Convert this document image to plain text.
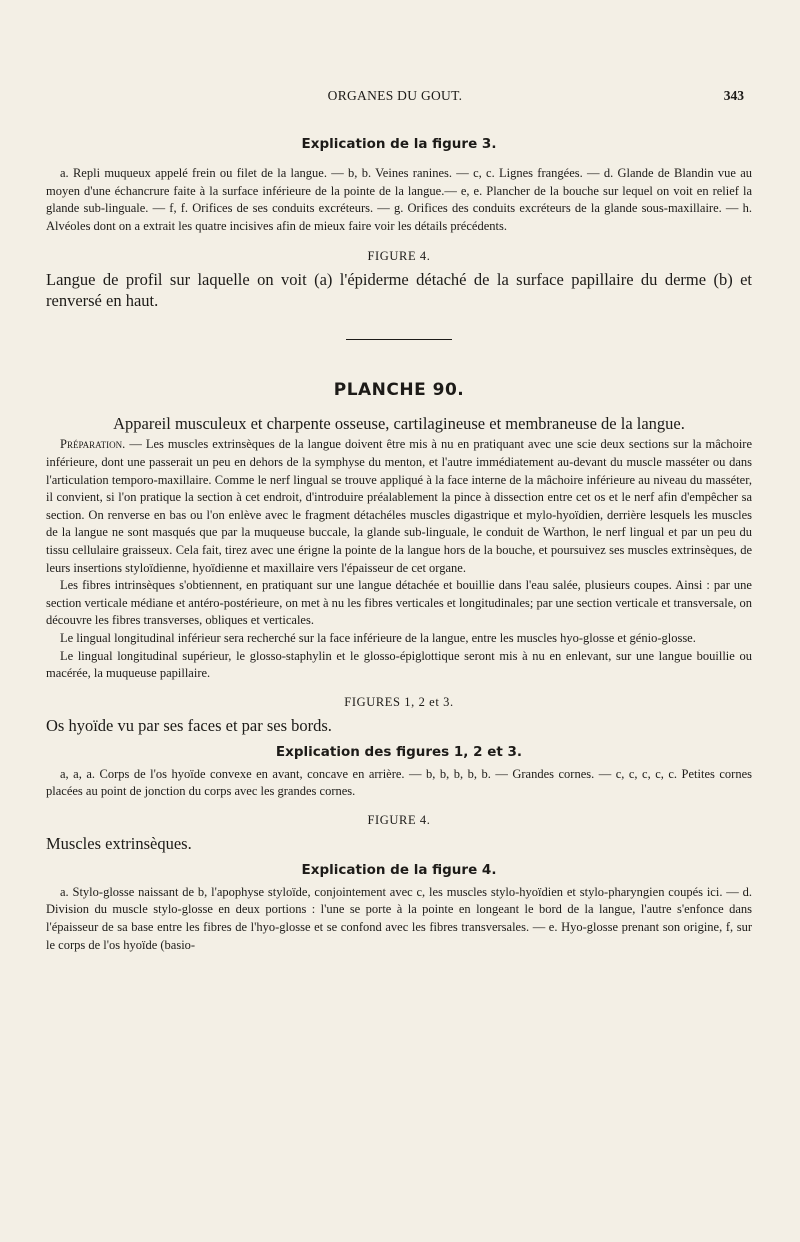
ORGANES DU GOUT.	343

Explication de la figure 3.

a. Repli muqueux appelé frein ou filet de la langue. — b, b. Veines ranines. — c, c. Lignes frangées. — d. Glande de Blandin vue au moyen d'une échancrure faite à la surface inférieure de la pointe de la langue.— e, e. Plancher de la bouche sur lequel on voit en relief la glande sub-linguale. — f, f. Orifices de ses conduits excréteurs. — g. Orifices des conduits excréteurs de la glande sous-maxillaire. — h. Alvéoles dont on a extrait les quatre incisives afin de mieux faire voir les détails précédents.

FIGURE 4.

Langue de profil sur laquelle on voit (a) l'épiderme détaché de la surface papillaire du derme (b) et renversé en haut.

PLANCHE 90.

Appareil musculeux et charpente osseuse, cartilagineuse et membraneuse de la langue.

Préparation. — Les muscles extrinsèques de la langue doivent être mis à nu en pratiquant avec une scie deux sections sur la mâchoire inférieure, dont une passerait un peu en dehors de la symphyse du menton, et l'autre immédiatement au-devant du muscle masséter ou dans l'articulation temporo-maxillaire. Comme le nerf lingual se trouve appliqué à la face interne de la mâchoire inférieure au niveau du masséter, il convient, si l'on pratique la section à cet endroit, d'introduire préalablement la pince à dissection entre cet os et le nerf afin d'empêcher sa section. On renverse en bas ou l'on enlève avec le fragment détachéles muscles digastrique et mylo-hyoïdien, derrière lesquels les muscles de la langue ne sont masqués que par la muqueuse buccale, la glande sub-linguale, le conduit de Warthon, le nerf lingual et par un peu du tissu cellulaire graisseux. Cela fait, tirez avec une érigne la pointe de la langue hors de la bouche, et poursuivez ses muscles extrinsèques, de leurs insertions styloïdienne, hyoïdienne et maxillaire vers l'épaisseur de cet organe.

Les fibres intrinsèques s'obtiennent, en pratiquant sur une langue détachée et bouillie dans l'eau salée, plusieurs coupes. Ainsi : par une section verticale médiane et antéro-postérieure, on met à nu les fibres verticales et longitudinales; par une section verticale et transversale, on découvre les fibres transverses, obliques et verticales.

Le lingual longitudinal inférieur sera recherché sur la face inférieure de la langue, entre les muscles hyo-glosse et génio-glosse.

Le lingual longitudinal supérieur, le glosso-staphylin et le glosso-épiglottique seront mis à nu en enlevant, sur une langue bouillie ou macérée, la muqueuse papillaire.

FIGURES 1, 2 et 3.

Os hyoïde vu par ses faces et par ses bords.

Explication des figures 1, 2 et 3.

a, a, a. Corps de l'os hyoïde convexe en avant, concave en arrière. — b, b, b, b, b. — Grandes cornes. — c, c, c, c, c. Petites cornes placées au point de jonction du corps avec les grandes cornes.

FIGURE 4.

Muscles extrinsèques.

Explication de la figure 4.

a. Stylo-glosse naissant de b, l'apophyse styloïde, conjointement avec c, les muscles stylo-hyoïdien et stylo-pharyngien coupés ici. — d. Division du muscle stylo-glosse en deux portions : l'une se porte à la pointe en longeant le bord de la langue, l'autre s'enfonce dans l'épaisseur de sa base entre les fibres de l'hyo-glosse et se confond avec les fibres transversales. — e. Hyo-glosse prenant son origine, f, sur le corps de l'os hyoïde (basio-
